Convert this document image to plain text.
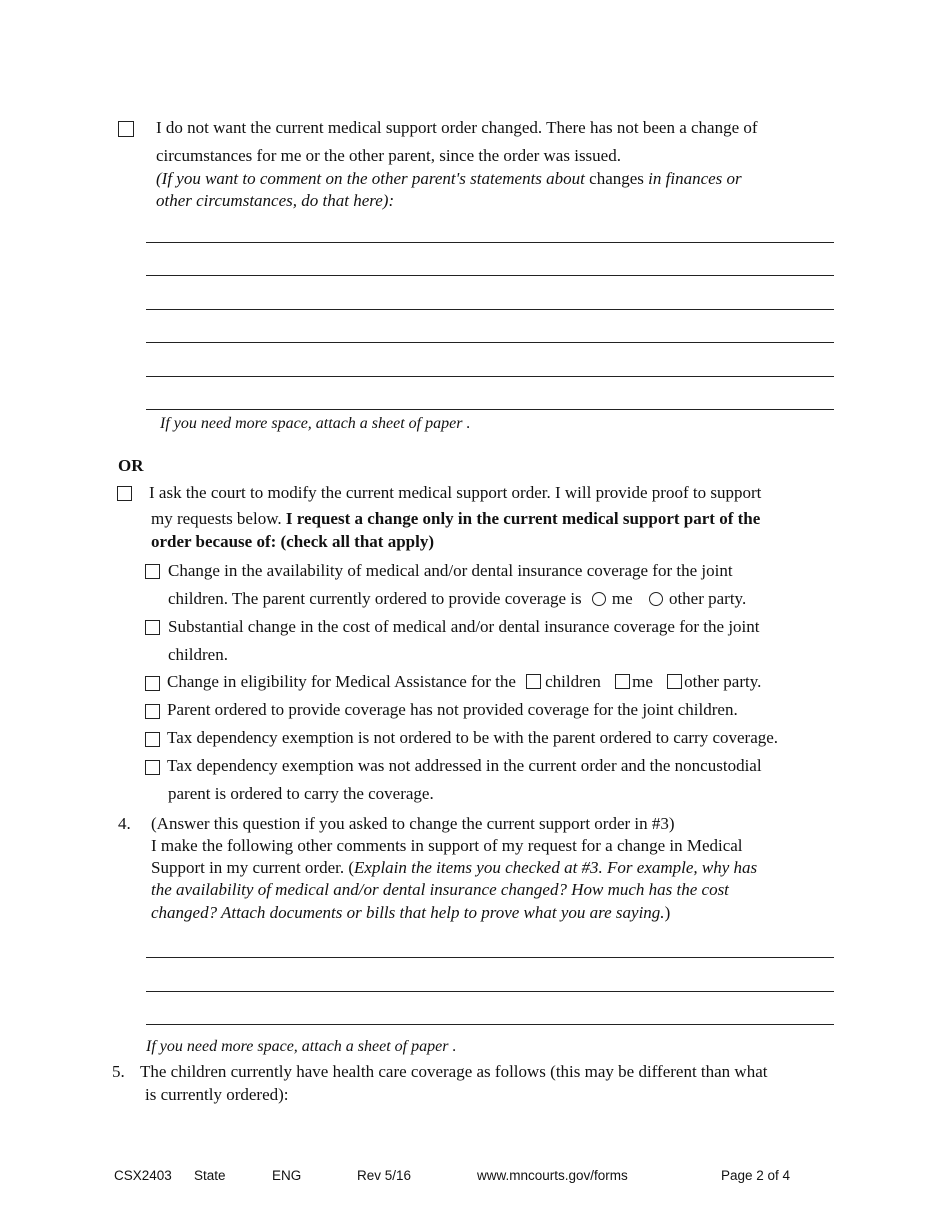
I do not want the current medical support order changed. There has not been a change of
circumstances for me or the other parent, since the order was issued.
(If you want to comment on the other parent's statements about changes in finances or
other circumstances, do that here):
If you need more space, attach a sheet of paper .
OR
I ask the court to modify the current medical support order. I will provide proof to support
my requests below. I request a change only in the current medical support part of the
order because of: (check all that apply)
Change in the availability of medical and/or dental insurance coverage for the joint
children. The parent currently ordered to provide coverage is me other party.
Substantial change in the cost of medical and/or dental insurance coverage for the joint
children.
Change in eligibility for Medical Assistance for the children me other party.
Parent ordered to provide coverage has not provided coverage for the joint children.
Tax dependency exemption is not ordered to be with the parent ordered to carry coverage.
Tax dependency exemption was not addressed in the current order and the noncustodial
parent is ordered to carry the coverage.
4. (Answer this question if you asked to change the current support order in #3)
I make the following other comments in support of my request for a change in Medical
Support in my current order. (Explain the items you checked at #3. For example, why has
the availability of medical and/or dental insurance changed? How much has the cost
changed? Attach documents or bills that help to prove what you are saying.)
If you need more space, attach a sheet of paper .
5. The children currently have health care coverage as follows (this may be different than what
is currently ordered):
CSX2403 State	ENG	Rev 5/16	www.mncourts.gov/forms	Page 2 of 4
